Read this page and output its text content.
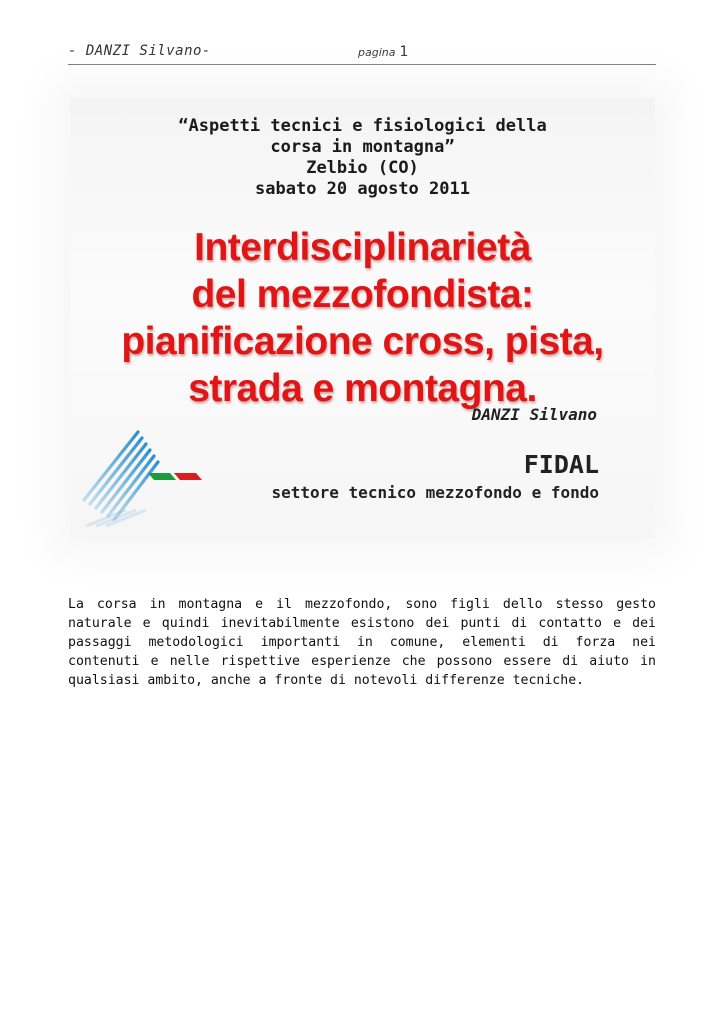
- DANZI Silvano-	pagina 1
“Aspetti tecnici e fisiologici della
corsa in montagna”
Zelbio (CO)
sabato 20 agosto 2011
Interdisciplinarietà
del mezzofondista:
pianificazione cross, pista,
strada e montagna.
DANZI Silvano
FIDAL
settore tecnico mezzofondo e fondo

La corsa in montagna e il mezzofondo, sono figli dello stesso gesto naturale e quindi inevitabilmente esistono dei punti di contatto e dei passaggi metodologici importanti in comune, elementi di forza nei contenuti e nelle rispettive esperienze che possono essere di aiuto in qualsiasi ambito, anche a fronte di notevoli differenze tecniche.
